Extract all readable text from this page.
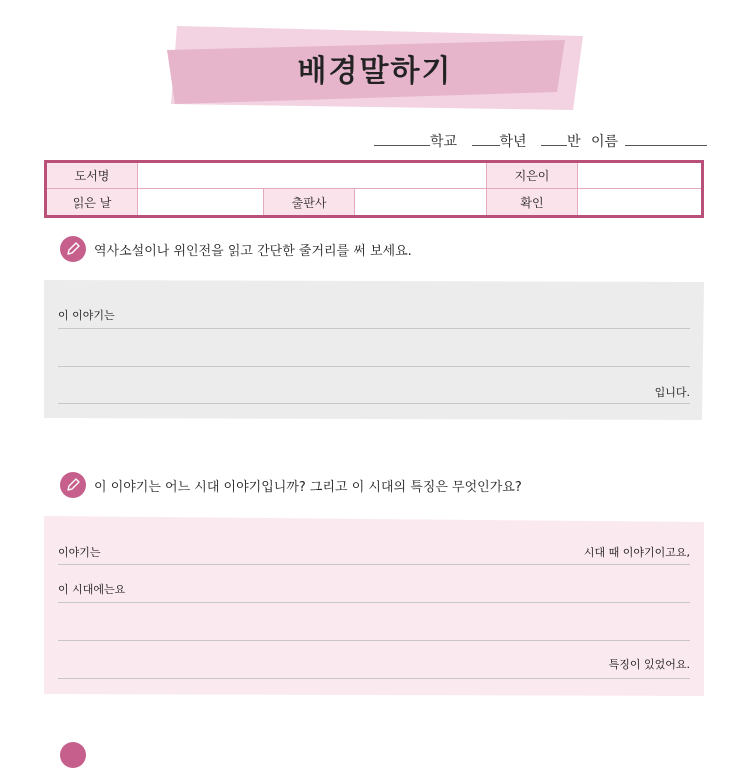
배경말하기
학교	학년	반 이름
도서명	지은이
읽은 날	출판사	확인
역사소설이나 위인전을 읽고 간단한 줄거리를 써 보세요.
이 이야기는
입니다.
이 이야기는 어느 시대 이야기입니까? 그리고 이 시대의 특징은 무엇인가요?
이야기는	시대 때 이야기이고요,
이 시대에는요
특징이 있었어요.
